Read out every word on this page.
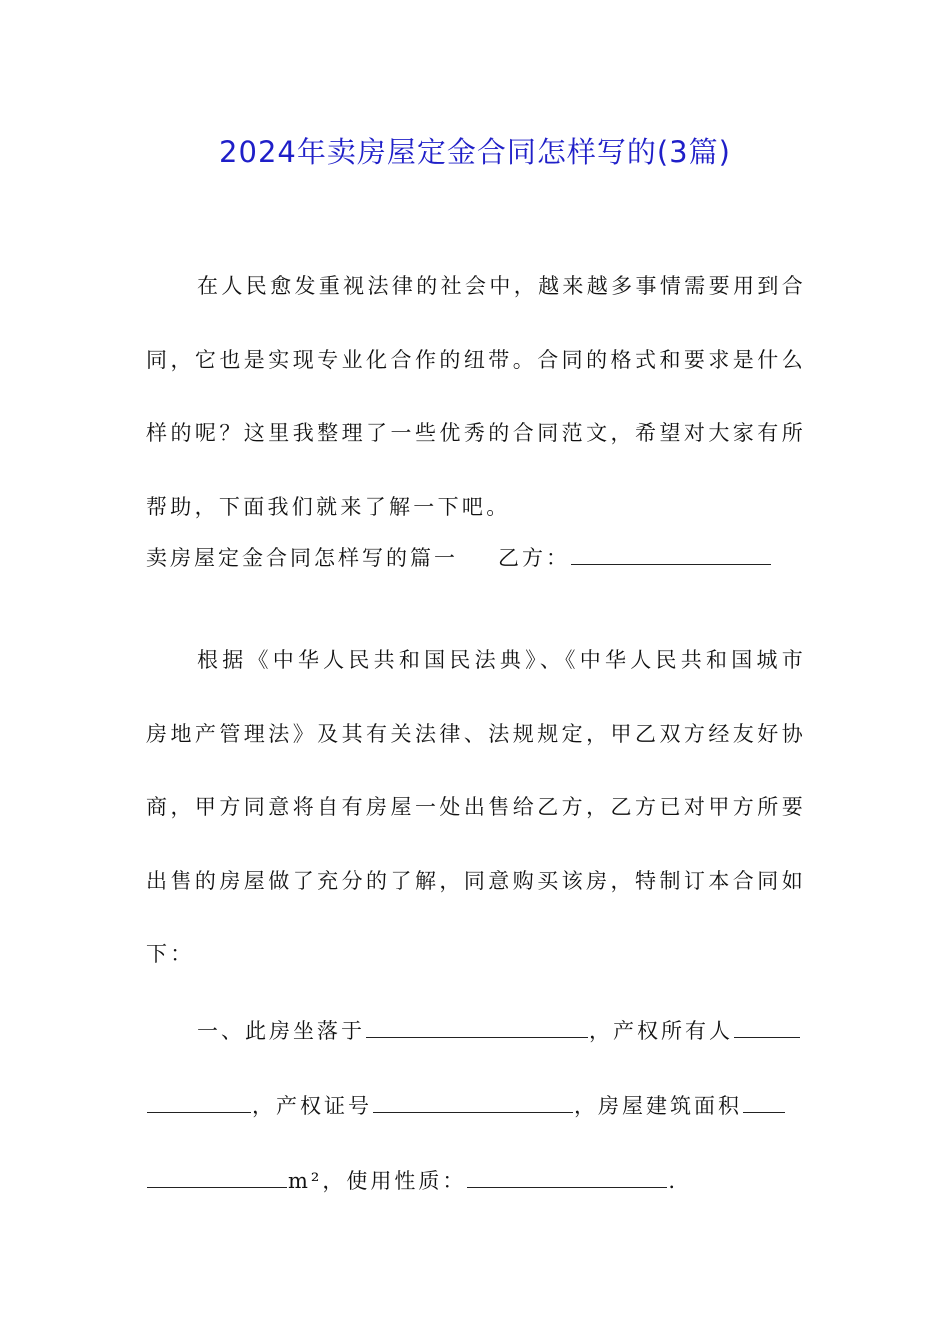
2024年卖房屋定金合同怎样写的(3篇)

在人民愈发重视法律的社会中，越来越多事情需要用到合同，它也是实现专业化合作的纽带。合同的格式和要求是什么样的呢？这里我整理了一些优秀的合同范文，希望对大家有所帮助，下面我们就来了解一下吧。

卖房屋定金合同怎样写的篇一 乙方：

根据《中华人民共和国民法典》、《中华人民共和国城市房地产管理法》及其有关法律、法规规定，甲乙双方经友好协商，甲方同意将自有房屋一处出售给乙方，乙方已对甲方所要出售的房屋做了充分的了解，同意购买该房，特制订本合同如下：

一、此房坐落于	，产权所有人
，产权证号	，房屋建筑面积
m²，使用性质：	.
